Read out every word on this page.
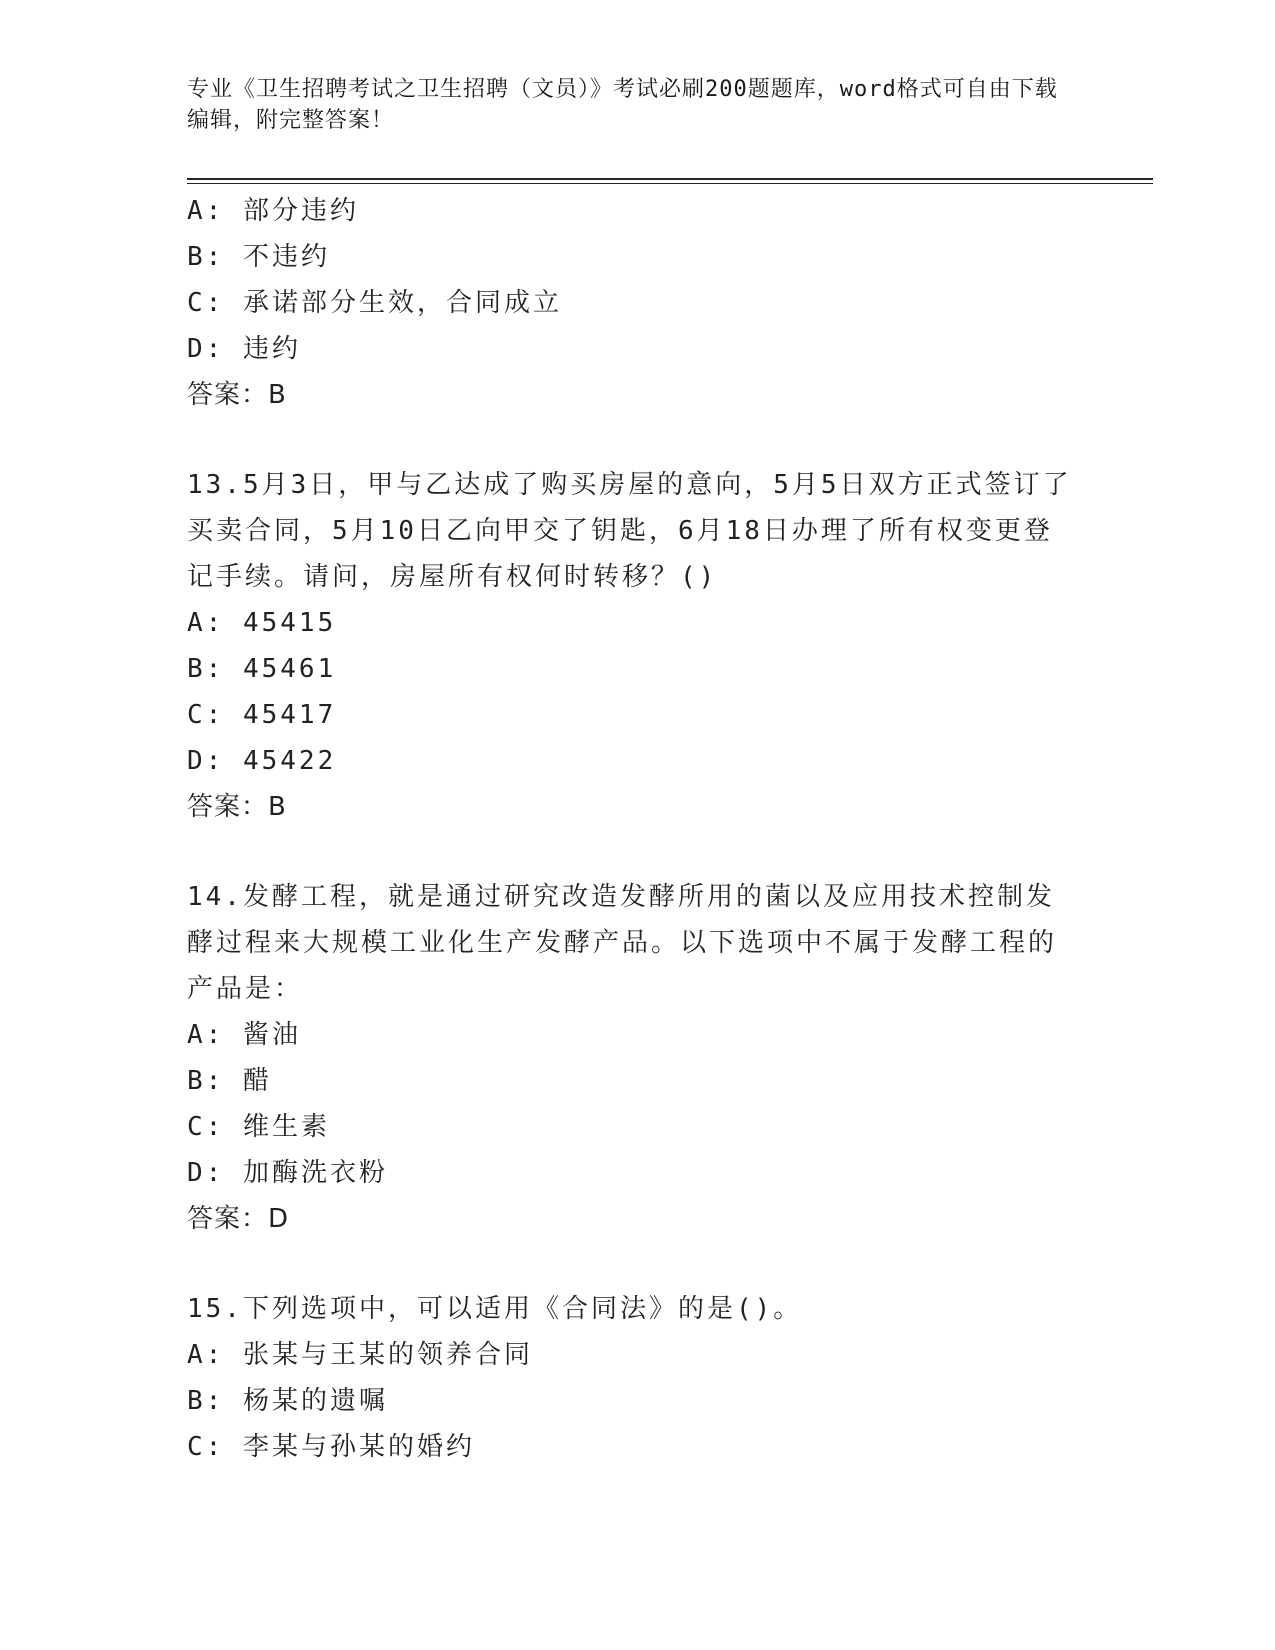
专业《卫生招聘考试之卫生招聘（文员）》考试必刷200题题库，word格式可自由下载编辑，附完整答案！
A: 部分违约
B: 不违约
C: 承诺部分生效，合同成立
D: 违约
答案：B
13.5月3日，甲与乙达成了购买房屋的意向，5月5日双方正式签订了买卖合同，5月10日乙向甲交了钥匙，6月18日办理了所有权变更登记手续。请问，房屋所有权何时转移？()
A: 45415
B: 45461
C: 45417
D: 45422
答案：B
14.发酵工程，就是通过研究改造发酵所用的菌以及应用技术控制发酵过程来大规模工业化生产发酵产品。以下选项中不属于发酵工程的产品是：
A: 酱油
B: 醋
C: 维生素
D: 加酶洗衣粉
答案：D
15.下列选项中，可以适用《合同法》的是()。
A: 张某与王某的领养合同
B: 杨某的遗嘱
C: 李某与孙某的婚约
